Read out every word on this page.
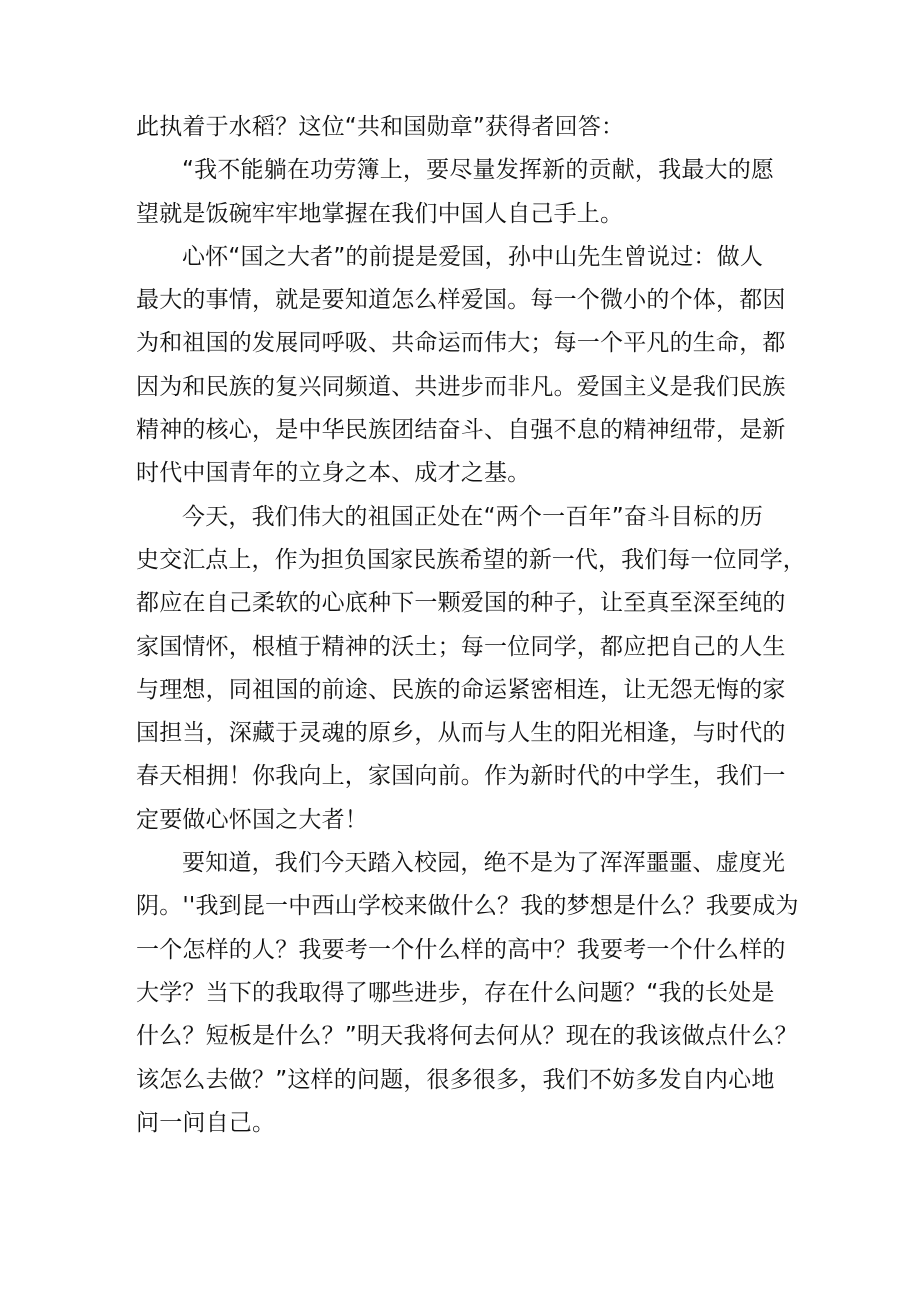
此执着于水稻？这位“共和国勋章”获得者回答：
“我不能躺在功劳簿上，要尽量发挥新的贡献，我最大的愿
望就是饭碗牢牢地掌握在我们中国人自己手上。
心怀“国之大者”的前提是爱国，孙中山先生曾说过：做人
最大的事情，就是要知道怎么样爱国。每一个微小的个体，都因
为和祖国的发展同呼吸、共命运而伟大；每一个平凡的生命，都
因为和民族的复兴同频道、共进步而非凡。爱国主义是我们民族
精神的核心，是中华民族团结奋斗、自强不息的精神纽带，是新
时代中国青年的立身之本、成才之基。
今天，我们伟大的祖国正处在“两个一百年”奋斗目标的历
史交汇点上，作为担负国家民族希望的新一代，我们每一位同学，
都应在自己柔软的心底种下一颗爱国的种子，让至真至深至纯的
家国情怀，根植于精神的沃土；每一位同学，都应把自己的人生
与理想，同祖国的前途、民族的命运紧密相连，让无怨无悔的家
国担当，深藏于灵魂的原乡，从而与人生的阳光相逢，与时代的
春天相拥！你我向上，家国向前。作为新时代的中学生，我们一
定要做心怀国之大者！
要知道，我们今天踏入校园，绝不是为了浑浑噩噩、虚度光
阴。''我到昆一中西山学校来做什么？我的梦想是什么？我要成为
一个怎样的人？我要考一个什么样的高中？我要考一个什么样的
大学？当下的我取得了哪些进步，存在什么问题？“我的长处是
什么？短板是什么？”明天我将何去何从？现在的我该做点什么？
该怎么去做？”这样的问题，很多很多，我们不妨多发自内心地
问一问自己。
